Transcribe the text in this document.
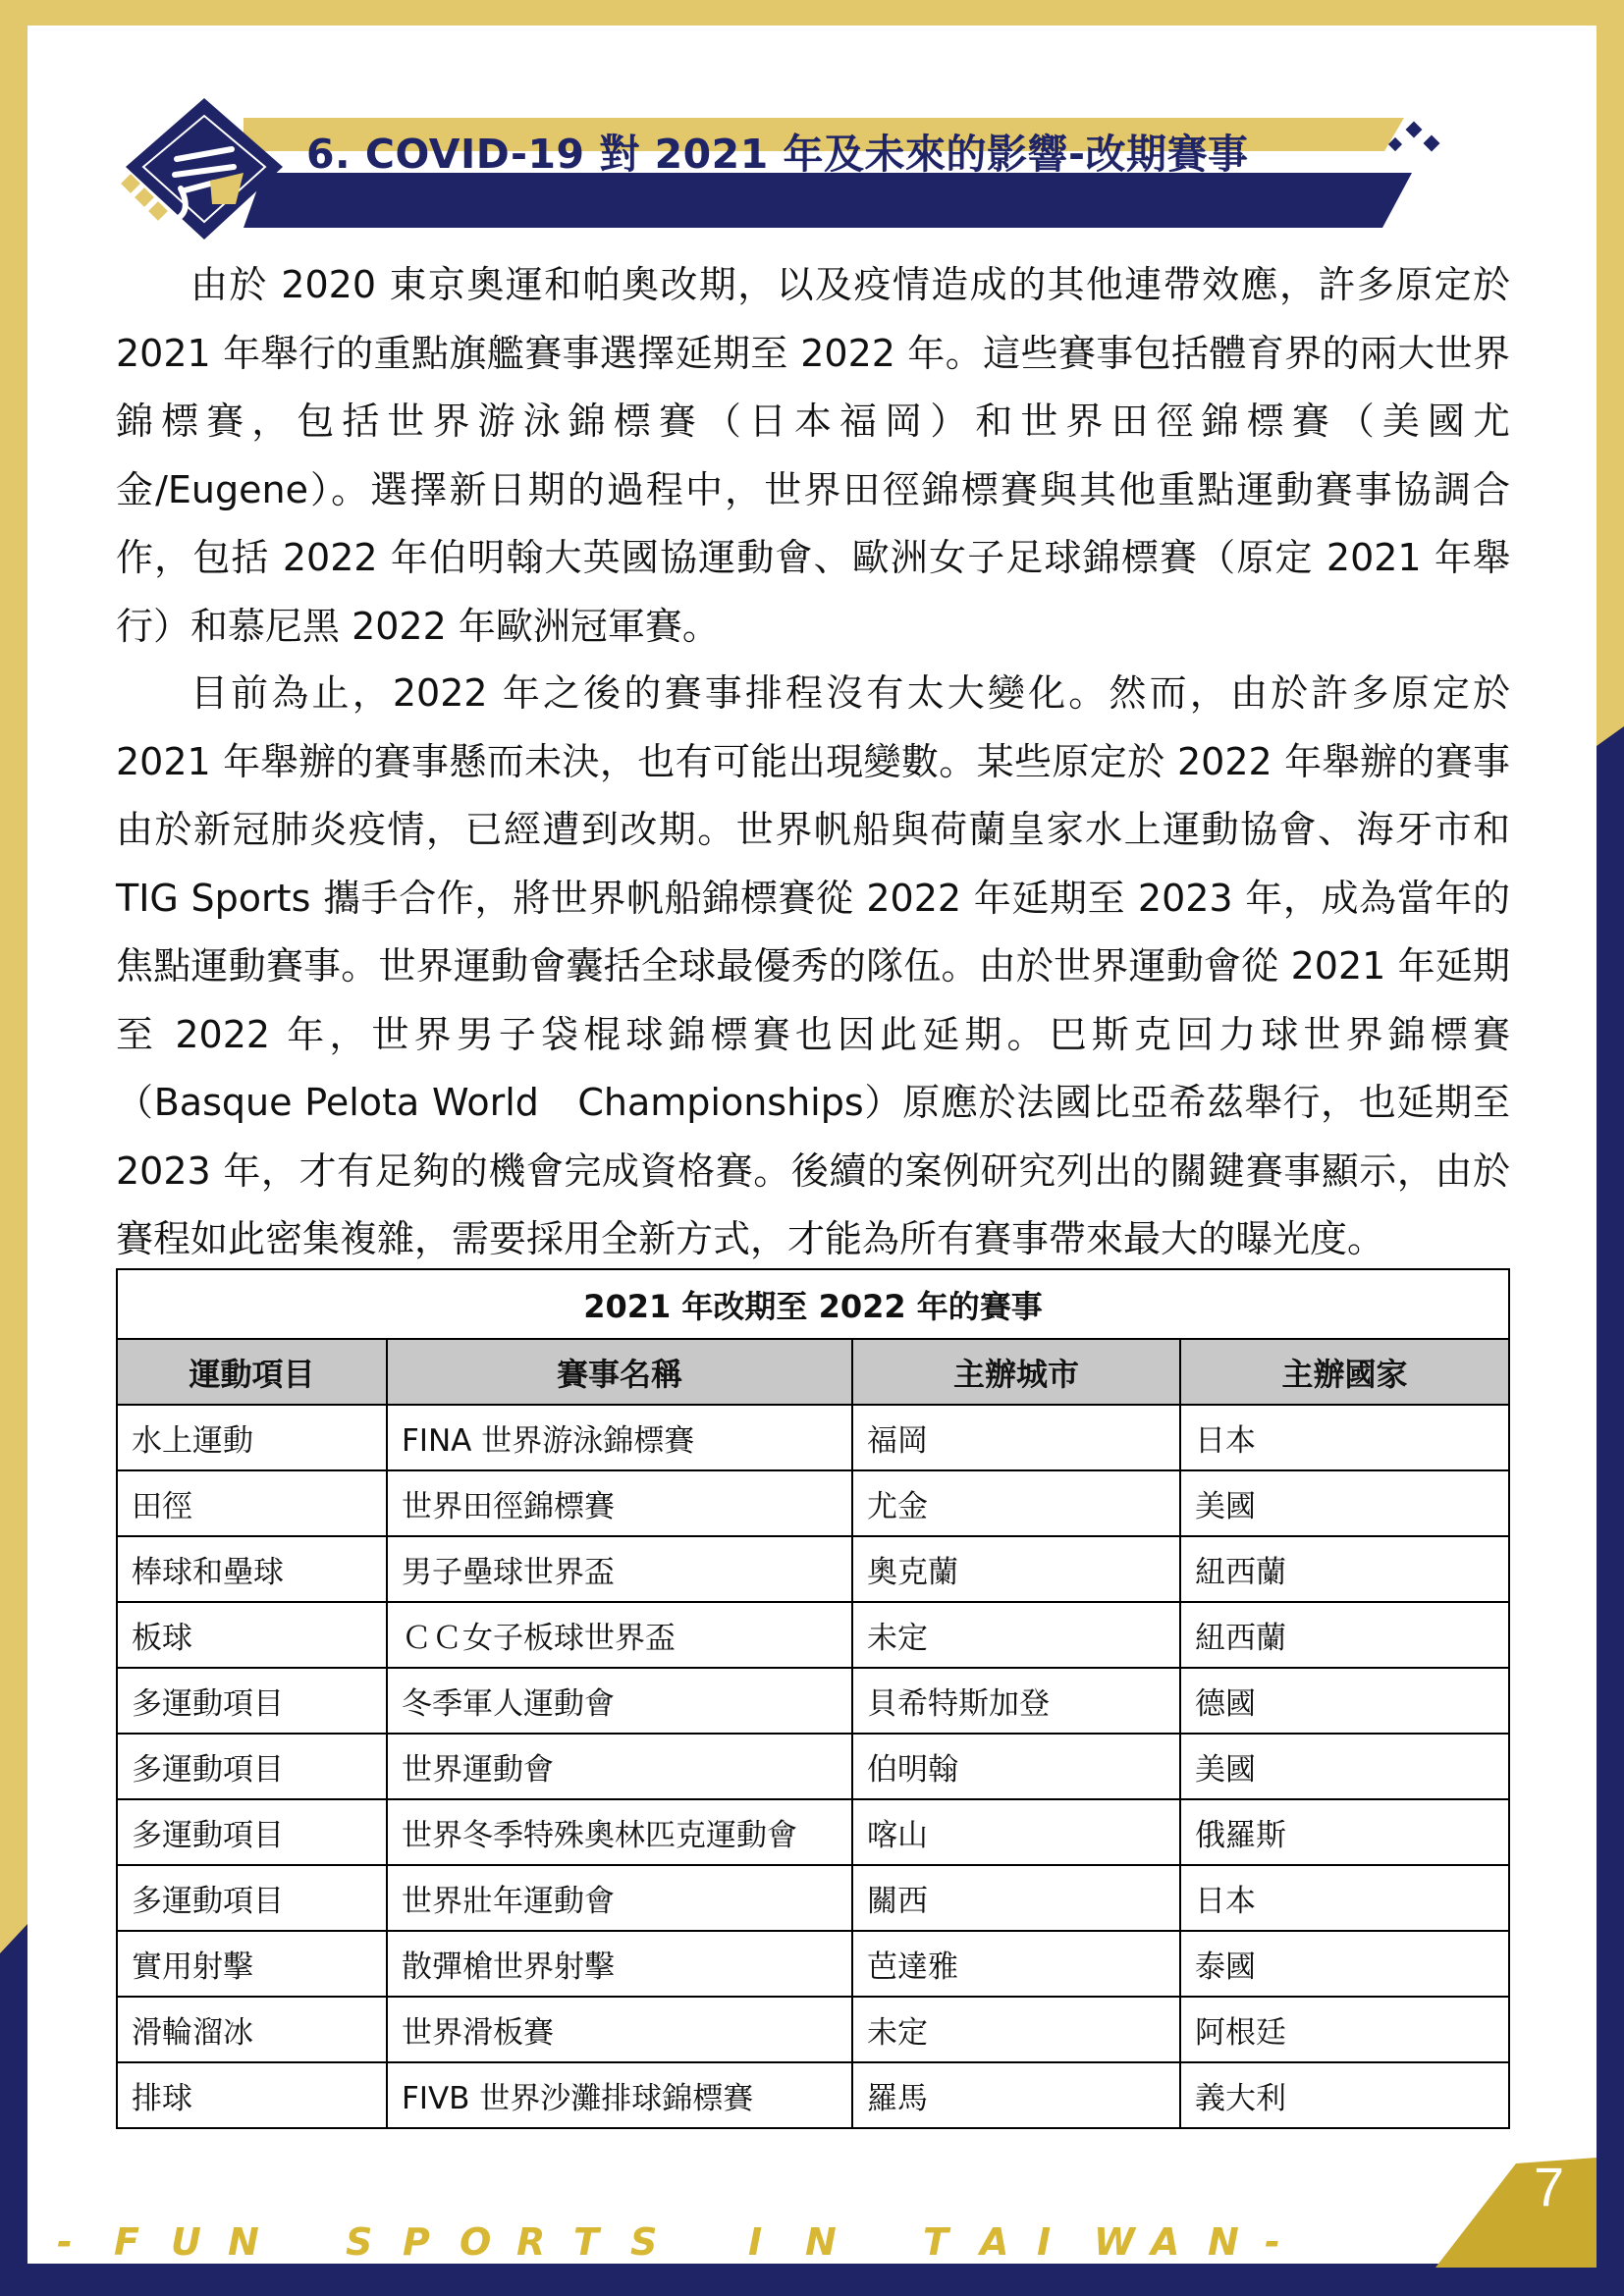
6. COVID-19 對 2021 年及未來的影響-改期賽事

由於 2020 東京奧運和帕奧改期，以及疫情造成的其他連帶效應，許多原定於 2021 年舉行的重點旗艦賽事選擇延期至 2022 年。這些賽事包括體育界的兩大世界錦標賽，包括世界游泳錦標賽（日本福岡）和世界田徑錦標賽（美國尤金/Eugene）。選擇新日期的過程中，世界田徑錦標賽與其他重點運動賽事協調合作，包括 2022 年伯明翰大英國協運動會、歐洲女子足球錦標賽（原定 2021 年舉行）和慕尼黑 2022 年歐洲冠軍賽。

目前為止，2022 年之後的賽事排程沒有太大變化。然而，由於許多原定於 2021 年舉辦的賽事懸而未決，也有可能出現變數。某些原定於 2022 年舉辦的賽事由於新冠肺炎疫情，已經遭到改期。世界帆船與荷蘭皇家水上運動協會、海牙市和 TIG Sports 攜手合作，將世界帆船錦標賽從 2022 年延期至 2023 年，成為當年的焦點運動賽事。世界運動會囊括全球最優秀的隊伍。由於世界運動會從 2021 年延期至 2022 年，世界男子袋棍球錦標賽也因此延期。巴斯克回力球世界錦標賽（Basque Pelota World　Championships）原應於法國比亞希茲舉行，也延期至 2023 年，才有足夠的機會完成資格賽。後續的案例研究列出的關鍵賽事顯示，由於賽程如此密集複雜，需要採用全新方式，才能為所有賽事帶來最大的曝光度。

2021 年改期至 2022 年的賽事			
運動項目	賽事名稱	主辦城市	主辦國家
水上運動	FINA 世界游泳錦標賽	福岡	日本
田徑	世界田徑錦標賽	尤金	美國
棒球和壘球	男子壘球世界盃	奧克蘭	紐西蘭
板球	ＣＣ女子板球世界盃	未定	紐西蘭
多運動項目	冬季軍人運動會	貝希特斯加登	德國
多運動項目	世界運動會	伯明翰	美國
多運動項目	世界冬季特殊奧林匹克運動會	喀山	俄羅斯
多運動項目	世界壯年運動會	關西	日本
實用射擊	散彈槍世界射擊	芭達雅	泰國
滑輪溜冰	世界滑板賽	未定	阿根廷
排球	FIVB 世界沙灘排球錦標賽	羅馬	義大利
- F U N S P O R T S I N T A I W A N -
7
